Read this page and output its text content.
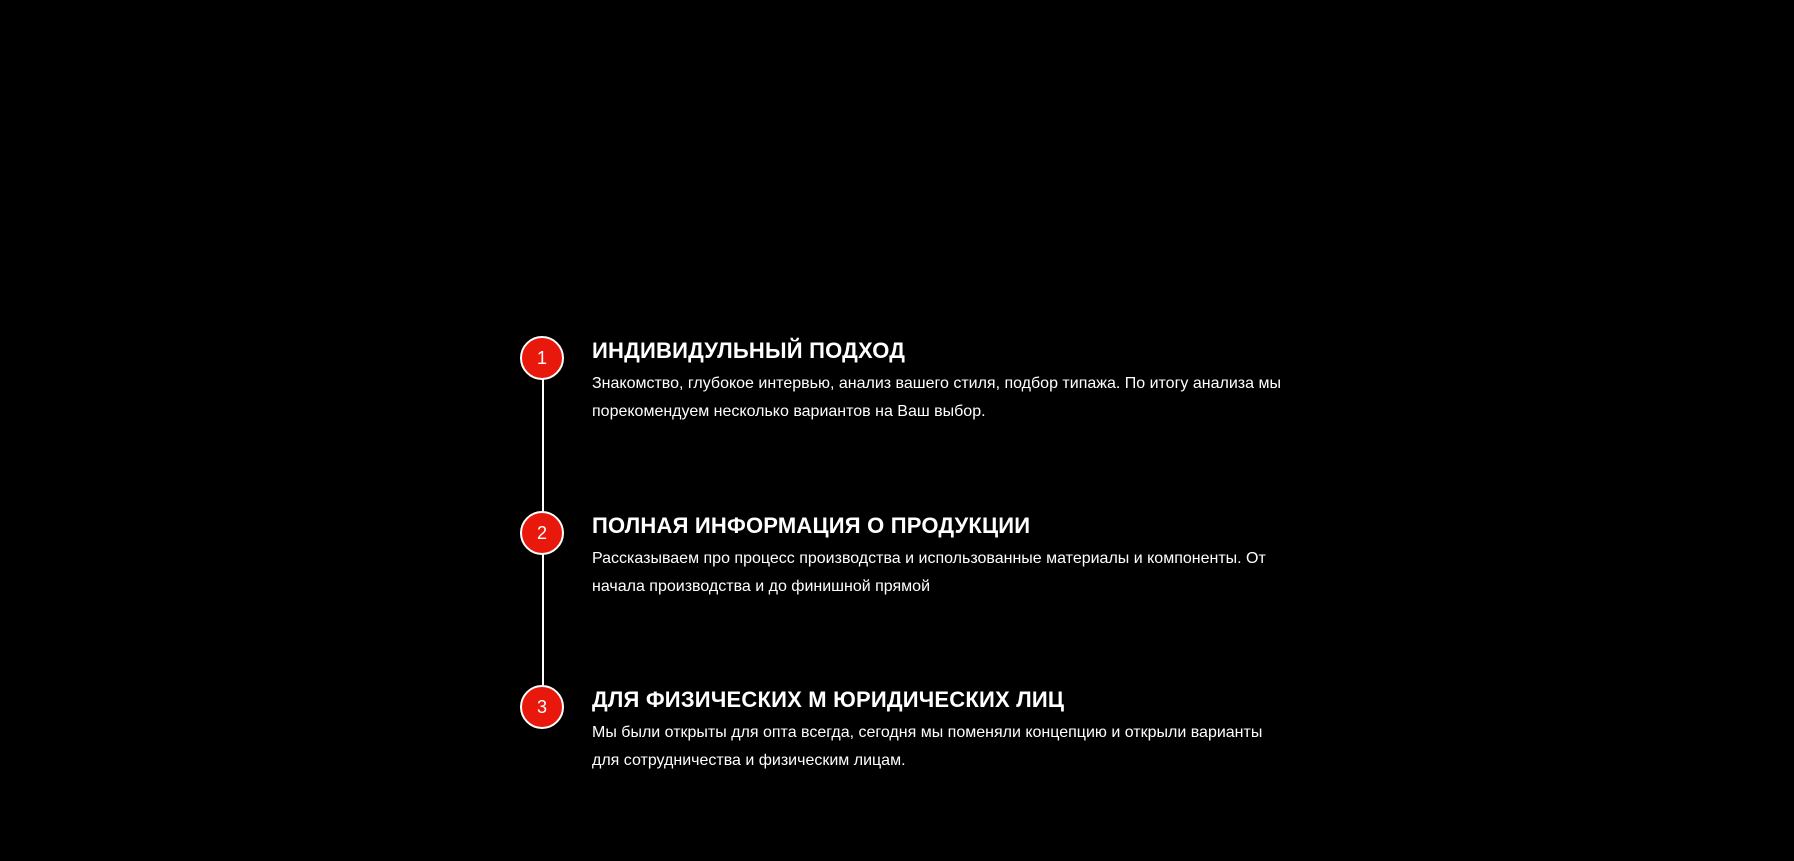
1	ИНДИВИДУЛЬНЫЙ ПОДХОД

Знакомство, глубокое интервью, анализ вашего стиля, подбор типажа. По итогу анализа мы порекомендуем несколько вариантов на Ваш выбор.

2	ПОЛНАЯ ИНФОРМАЦИЯ О ПРОДУКЦИИ

Рассказываем про процесс производства и использованные материалы и компоненты. От начала производства и до финишной прямой

3	ДЛЯ ФИЗИЧЕСКИХ М ЮРИДИЧЕСКИХ ЛИЦ

Мы были открыты для опта всегда, сегодня мы поменяли концепцию и открыли варианты для сотрудничества и физическим лицам.
